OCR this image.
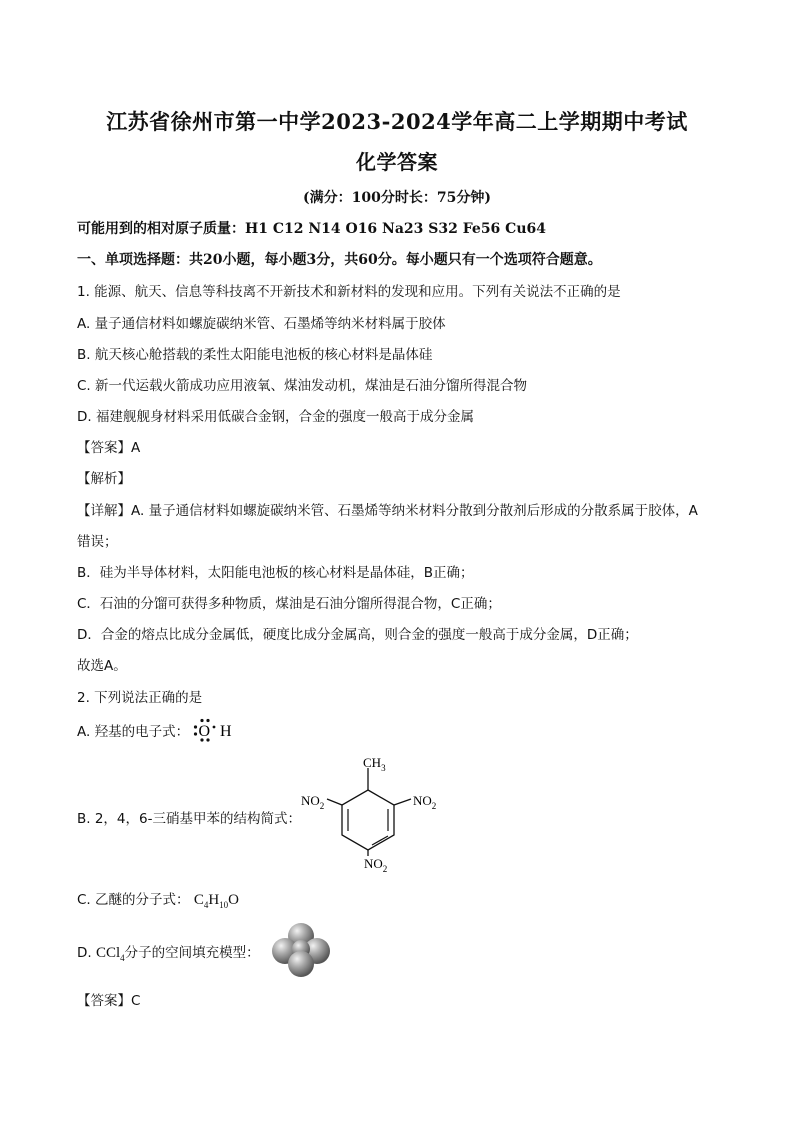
江苏省徐州市第一中学2023-2024学年高二上学期期中考试
化学答案
(满分：100分时长：75分钟)
可能用到的相对原子质量：H1 C12 N14 O16 Na23 S32 Fe56 Cu64
一、单项选择题：共20小题，每小题3分，共60分。每小题只有一个选项符合题意。
1. 能源、航天、信息等科技离不开新技术和新材料的发现和应用。下列有关说法不正确的是
A. 量子通信材料如螺旋碳纳米管、石墨烯等纳米材料属于胶体
B. 航天核心舱搭载的柔性太阳能电池板的核心材料是晶体硅
C. 新一代运载火箭成功应用液氧、煤油发动机，煤油是石油分馏所得混合物
D. 福建舰舰身材料采用低碳合金钢，合金的强度一般高于成分金属
【答案】A
【解析】
【详解】A. 量子通信材料如螺旋碳纳米管、石墨烯等纳米材料分散到分散剂后形成的分散系属于胶体，A
错误；
B．硅为半导体材料，太阳能电池板的核心材料是晶体硅，B正确；
C．石油的分馏可获得多种物质，煤油是石油分馏所得混合物，C正确；
D．合金的熔点比成分金属低，硬度比成分金属高，则合金的强度一般高于成分金属，D正确；
故选A。
2. 下列说法正确的是
A. 羟基的电子式： O H
B. 2，4，6-三硝基甲苯的结构简式：
$CH_3$
$NO_2$	$NO_2$
$NO_2$
C. 乙醚的分子式： $C_4H_{10}O$
D. CCl$_4$分子的空间填充模型：
【答案】C
